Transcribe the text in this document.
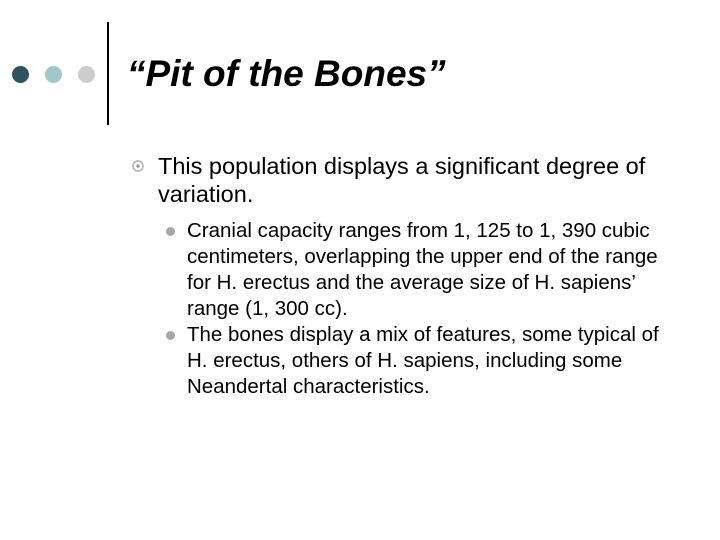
“Pit of the Bones”

This population displays a significant degree of variation.

Cranial capacity ranges from 1, 125 to 1, 390 cubic centimeters, overlapping the upper end of the range for H. erectus and the average size of H. sapiens’ range (1, 300 cc).

The bones display a mix of features, some typical of H. erectus, others of H. sapiens, including some Neandertal characteristics.
